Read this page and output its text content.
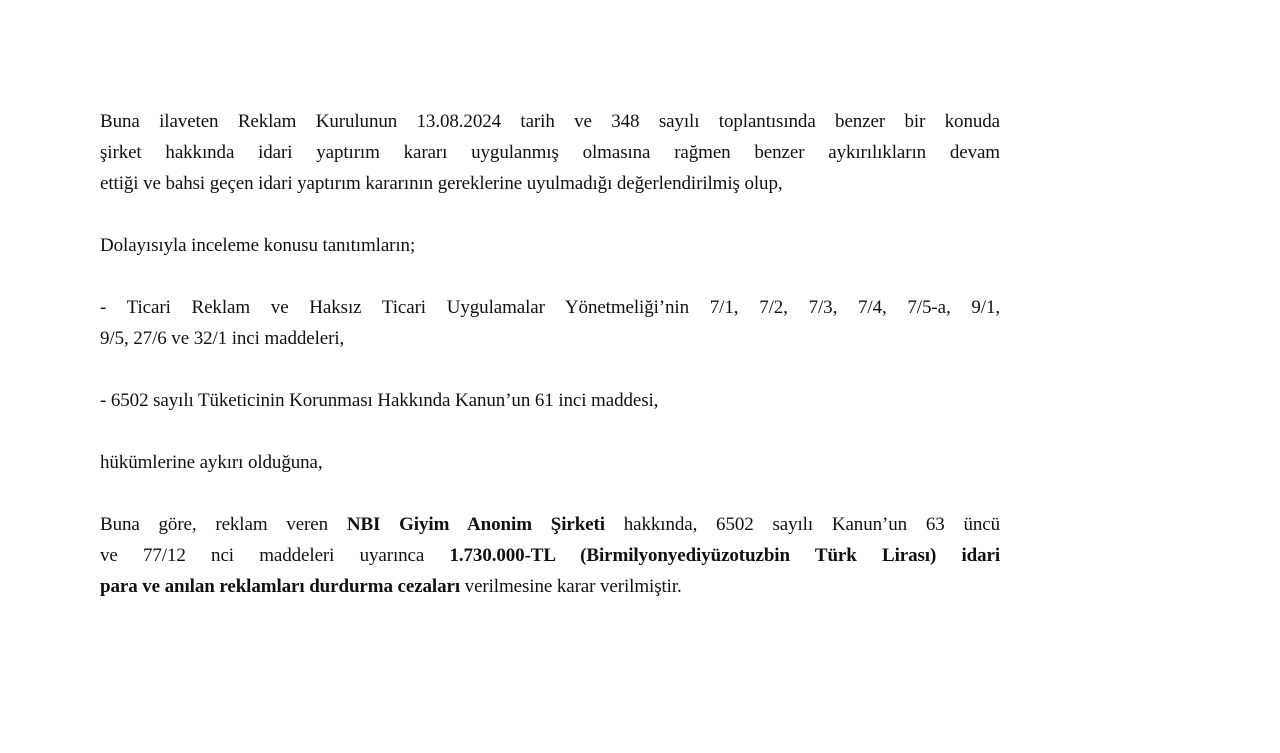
Buna ilaveten Reklam Kurulunun 13.08.2024 tarih ve 348 sayılı toplantısında benzer bir konuda
şirket hakkında idari yaptırım kararı uygulanmış olmasına rağmen benzer aykırılıkların devam
ettiği ve bahsi geçen idari yaptırım kararının gereklerine uyulmadığı değerlendirilmiş olup,

Dolayısıyla inceleme konusu tanıtımların;

- Ticari Reklam ve Haksız Ticari Uygulamalar Yönetmeliği’nin 7/1, 7/2, 7/3, 7/4, 7/5-a, 9/1,
9/5, 27/6 ve 32/1 inci maddeleri,

- 6502 sayılı Tüketicinin Korunması Hakkında Kanun’un 61 inci maddesi,

hükümlerine aykırı olduğuna,

Buna göre, reklam veren NBI Giyim Anonim Şirketi hakkında, 6502 sayılı Kanun’un 63 üncü
ve 77/12 nci maddeleri uyarınca 1.730.000-TL (Birmilyonyediyüzotuzbin Türk Lirası) idari
para ve anılan reklamları durdurma cezaları verilmesine karar verilmiştir.
